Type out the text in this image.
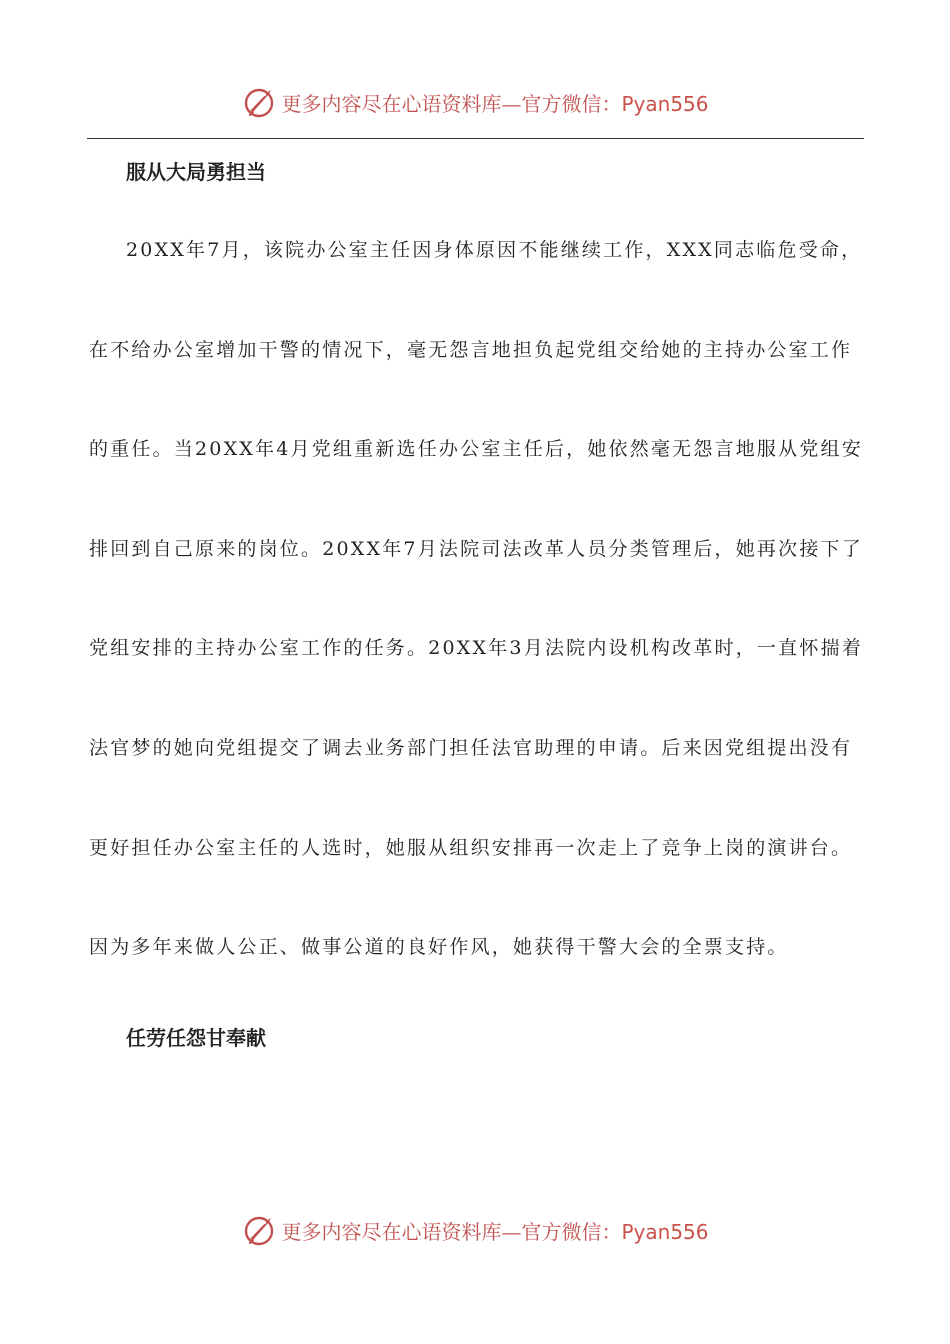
更多内容尽在心语资料库—官方微信：Pyan556

服从大局勇担当

20XX年7月，该院办公室主任因身体原因不能继续工作，XXX同志临危受命，在不给办公室增加干警的情况下，毫无怨言地担负起党组交给她的主持办公室工作的重任。当20XX年4月党组重新选任办公室主任后，她依然毫无怨言地服从党组安排回到自己原来的岗位。20XX年7月法院司法改革人员分类管理后，她再次接下了党组安排的主持办公室工作的任务。20XX年3月法院内设机构改革时，一直怀揣着法官梦的她向党组提交了调去业务部门担任法官助理的申请。后来因党组提出没有更好担任办公室主任的人选时，她服从组织安排再一次走上了竞争上岗的演讲台。因为多年来做人公正、做事公道的良好作风，她获得干警大会的全票支持。

任劳任怨甘奉献

更多内容尽在心语资料库—官方微信：Pyan556
